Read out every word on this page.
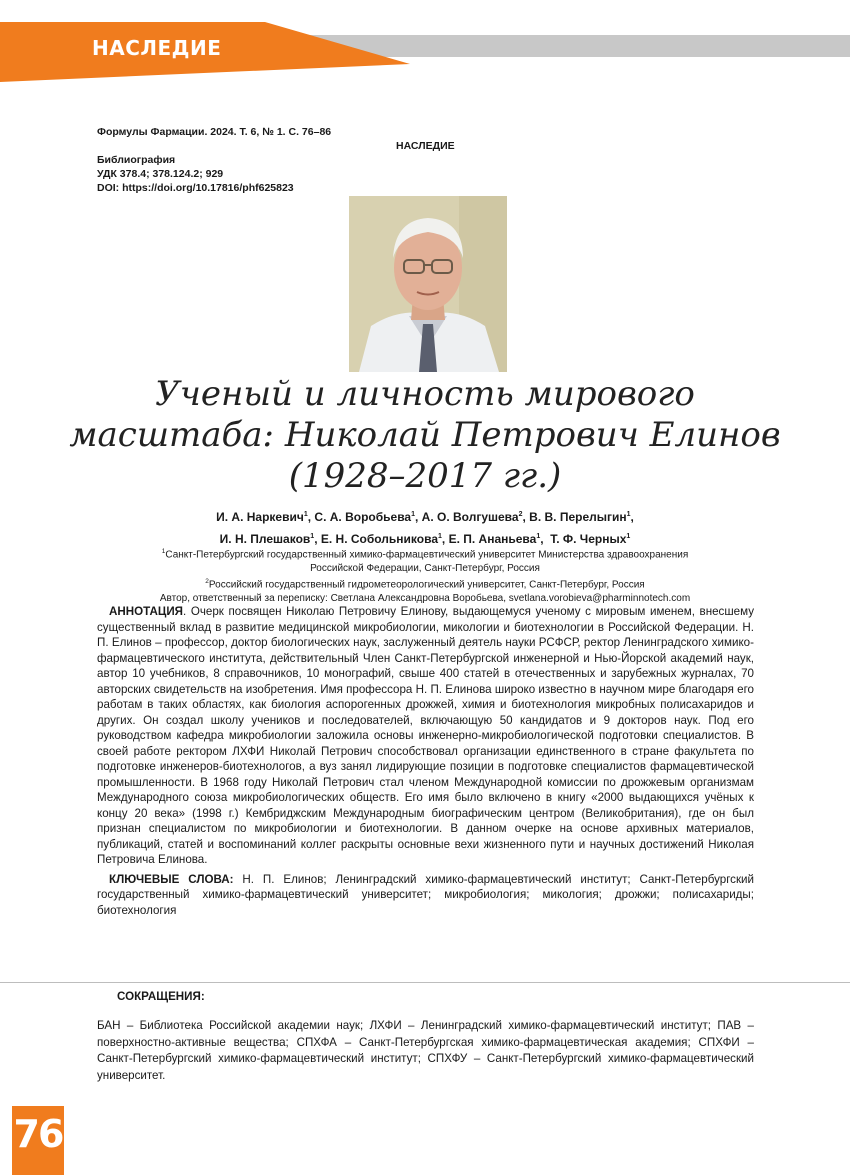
НАСЛЕДИЕ
Формулы Фармации. 2024. Т. 6, № 1. С. 76–86
НАСЛЕДИЕ
Библиография
УДК 378.4; 378.124.2; 929
DOI: https://doi.org/10.17816/phf625823
Ученый и личность мирового
масштаба: Николай Петрович Елинов
(1928–2017 гг.)
И. А. Наркевич$^1$, С. А. Воробьева$^1$, А. О. Волгушева$^2$, В. В. Перелыгин$^1$,
И. Н. Плешаков$^1$, Е. Н. Собольникова$^1$, Е. П. Ананьева$^1$,  Т. Ф. Черных$^1$
$^1$Санкт-Петербургский государственный химико-фармацевтический университет Министерства здравоохранения
Российской Федерации, Санкт-Петербург, Россия
$^2$Российский государственный гидрометеорологический университет, Санкт-Петербург, Россия
Автор, ответственный за переписку: Светлана Александровна Воробьева, svetlana.vorobieva@pharminnotech.com

АННОТАЦИЯ. Очерк посвящен Николаю Петровичу Елинову, выдающемуся ученому с мировым именем, внесшему существенный вклад в развитие медицинской микробиологии, микологии и биотехнологии в Российской Федерации. Н. П. Елинов – профессор, доктор биологических наук, заслуженный деятель науки РСФСР, ректор Ленинградского химико-фармацевтического института, действительный Член Санкт-Петербургской инженерной и Нью-Йорской академий наук, автор 10 учебников, 8 справочников, 10 монографий, свыше 400 статей в отечественных и зарубежных журналах, 70 авторских свидетельств на изобретения. Имя профессора Н. П. Елинова широко известно в научном мире благодаря его работам в таких областях, как биология аспорогенных дрожжей, химия и биотехнология микробных полисахаридов и других. Он создал школу учеников и последователей, включающую 50 кандидатов и 9 докторов наук. Под его руководством кафедра микробиологии заложила основы инженерно-микробиологической подготовки специалистов. В своей работе ректором ЛХФИ Николай Петрович способствовал организации единственного в стране факультета по подготовке инженеров-биотехнологов, а вуз занял лидирующие позиции в подготовке специалистов фармацевтической промышленности. В 1968 году Николай Петрович стал членом Международной комиссии по дрожжевым организмам Международного союза микробиологических обществ. Его имя было включено в книгу «2000 выдающихся учёных к концу 20 века» (1998 г.) Кембриджским Международным биографическим центром (Великобритания), где он был признан специалистом по микробиологии и биотехнологии. В данном очерке на основе архивных материалов, публикаций, статей и воспоминаний коллег раскрыты основные вехи жизненного пути и научных достижений Николая Петровича Елинова.

КЛЮЧЕВЫЕ СЛОВА: Н. П. Елинов; Ленинградский химико-фармацевтический институт; Санкт-Петербургский государственный химико-фармацевтический университет; микробиология; микология; дрожжи; полисахариды; биотехнология

СОКРАЩЕНИЯ:
БАН – Библиотека Российской академии наук; ЛХФИ – Ленинградский химико-фармацевтический институт; ПАВ – поверхностно-активные вещества; СПХФА – Санкт-Петербургская химико-фармацевтическая академия; СПХФИ – Санкт-Петербургский химико-фармацевтический институт; СПХФУ – Санкт-Петербургский химико-фармацевтический университет.
76
